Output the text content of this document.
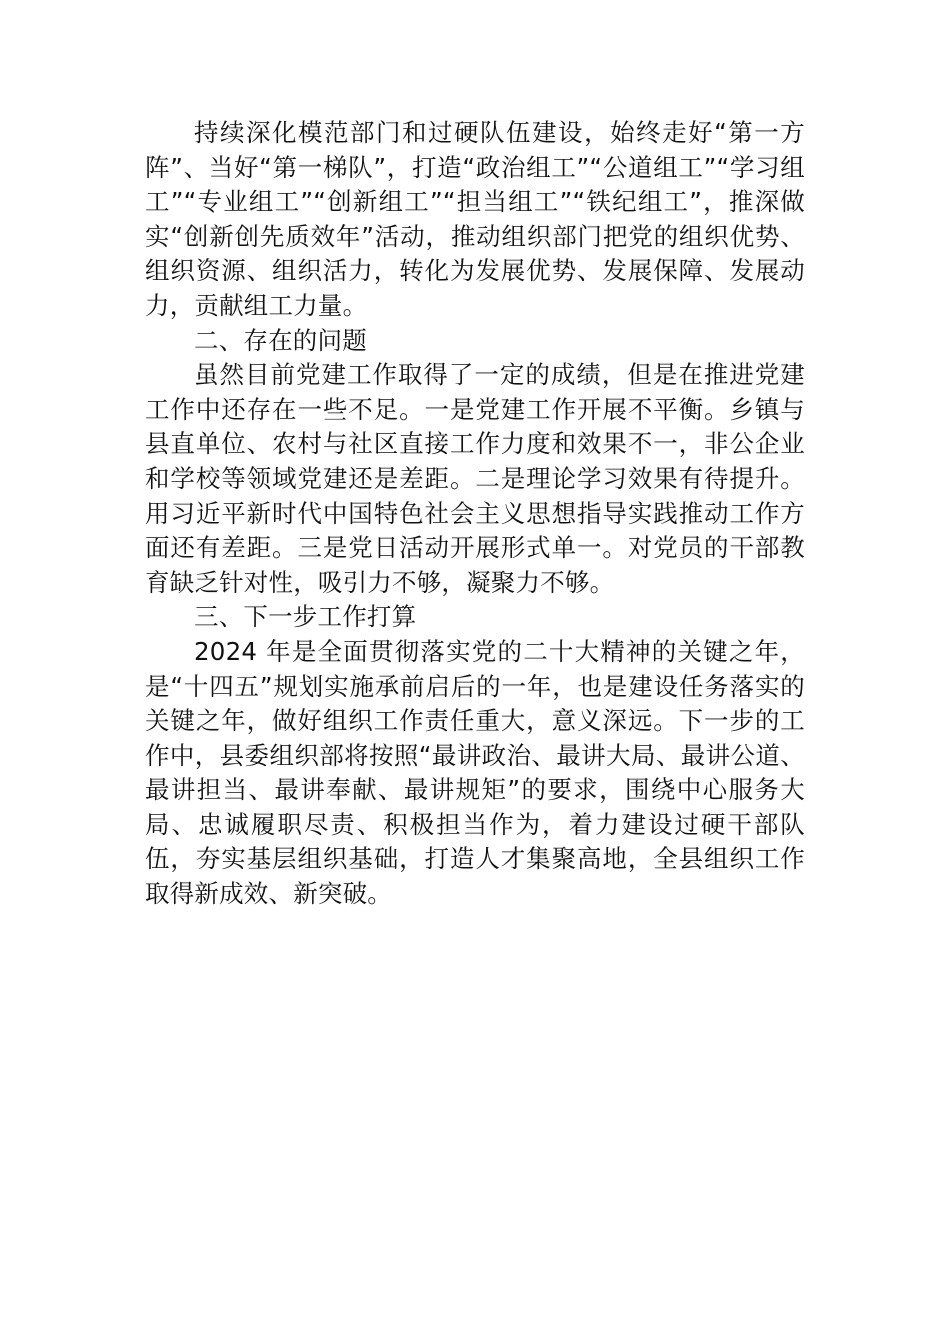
持续深化模范部门和过硬队伍建设，始终走好“第一方阵”、当好“第一梯队”，打造“政治组工”“公道组工”“学习组工”“专业组工”“创新组工”“担当组工”“铁纪组工”，推深做实“创新创先质效年”活动，推动组织部门把党的组织优势、组织资源、组织活力，转化为发展优势、发展保障、发展动力，贡献组工力量。

二、存在的问题

虽然目前党建工作取得了一定的成绩，但是在推进党建工作中还存在一些不足。一是党建工作开展不平衡。乡镇与县直单位、农村与社区直接工作力度和效果不一，非公企业和学校等领域党建还是差距。二是理论学习效果有待提升。用习近平新时代中国特色社会主义思想指导实践推动工作方面还有差距。三是党日活动开展形式单一。对党员的干部教育缺乏针对性，吸引力不够，凝聚力不够。

三、下一步工作打算

2024 年是全面贯彻落实党的二十大精神的关键之年，是“十四五”规划实施承前启后的一年，也是建设任务落实的关键之年，做好组织工作责任重大，意义深远。下一步的工作中，县委组织部将按照“最讲政治、最讲大局、最讲公道、最讲担当、最讲奉献、最讲规矩”的要求，围绕中心服务大局、忠诚履职尽责、积极担当作为，着力建设过硬干部队伍，夯实基层组织基础，打造人才集聚高地，全县组织工作取得新成效、新突破。
